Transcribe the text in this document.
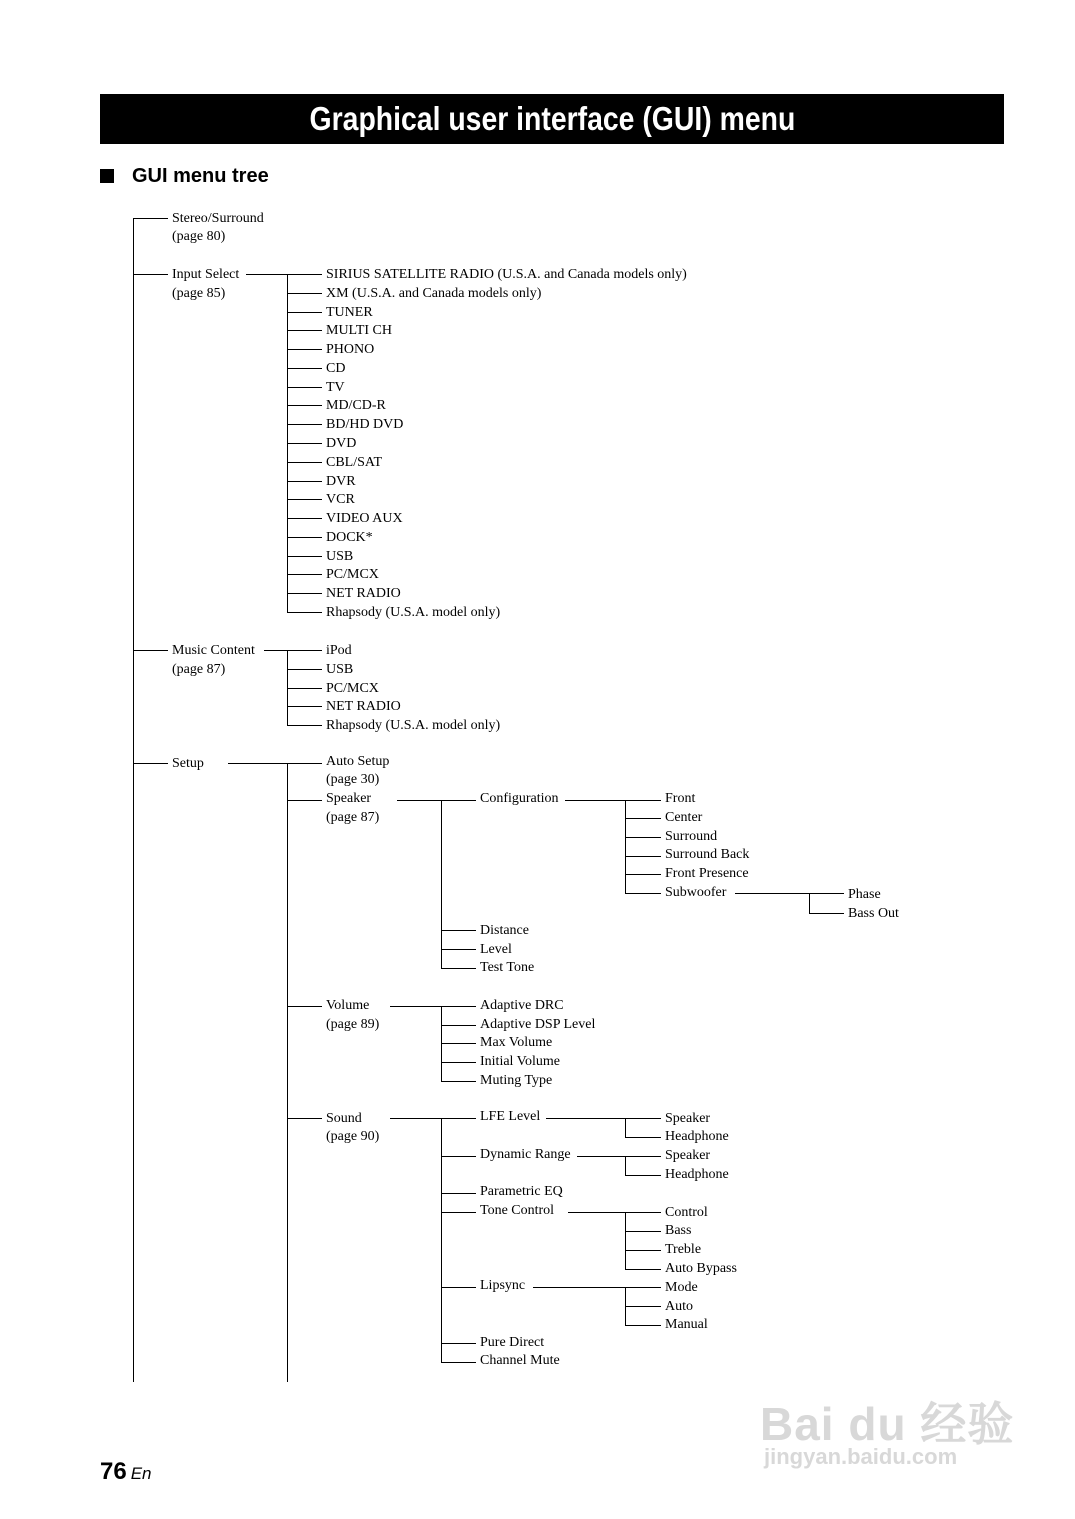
Graphical user interface (GUI) menu
GUI menu tree
Stereo/Surround
(page 80)
Input Select
(page 85)
Music Content
(page 87)
Setup
SIRIUS SATELLITE RADIO (U.S.A. and Canada models only)
XM (U.S.A. and Canada models only)
TUNER
MULTI CH
PHONO
CD
TV
MD/CD-R
BD/HD DVD
DVD
CBL/SAT
DVR
VCR
VIDEO AUX
DOCK*
USB
PC/MCX
NET RADIO
Rhapsody (U.S.A. model only)
iPod
USB
PC/MCX
NET RADIO
Rhapsody (U.S.A. model only)
Auto Setup
(page 30)
Speaker
(page 87)
Configuration	Front
Center
Surround
Surround Back
Front Presence
Subwoofer	Phase
Bass Out
Distance
Level
Test Tone
Volume
(page 89)
Adaptive DRC
Adaptive DSP Level
Max Volume
Initial Volume
Muting Type
Sound
(page 90)
LFE Level	Speaker
Headphone
Dynamic Range	Speaker
Headphone
Parametric EQ
Tone Control	Control
Bass
Treble
Auto Bypass
Lipsync	Mode
Auto
Manual
Pure Direct
Channel Mute
76 En
Bai du 经验
jingyan.baidu.com
